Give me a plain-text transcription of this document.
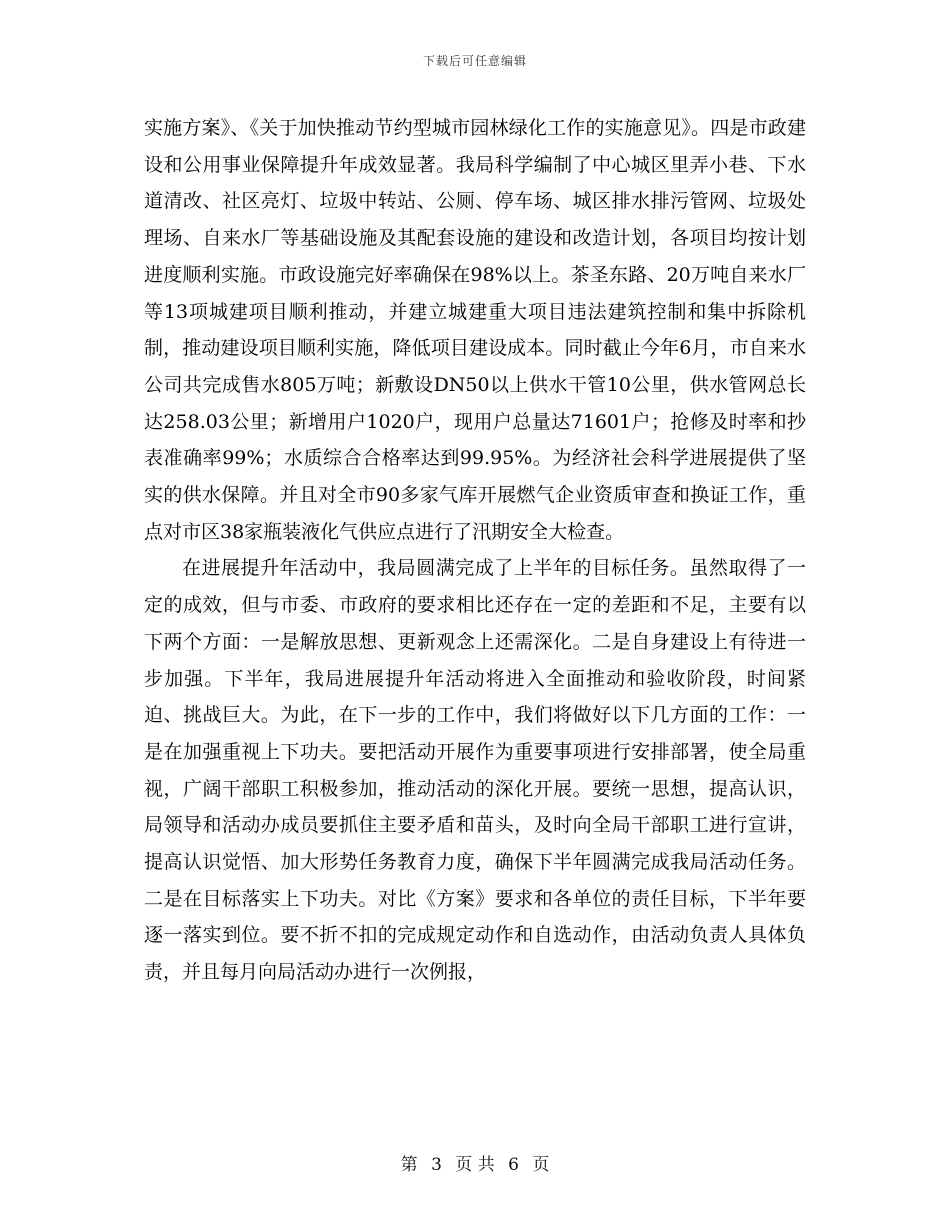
下载后可任意编辑

实施方案》、《关于加快推动节约型城市园林绿化工作的实施意见》。四是市政建设和公用事业保障提升年成效显著。我局科学编制了中心城区里弄小巷、下水道清改、社区亮灯、垃圾中转站、公厕、停车场、城区排水排污管网、垃圾处理场、自来水厂等基础设施及其配套设施的建设和改造计划，各项目均按计划进度顺利实施。市政设施完好率确保在98%以上。茶圣东路、20万吨自来水厂等13项城建项目顺利推动，并建立城建重大项目违法建筑控制和集中拆除机制，推动建设项目顺利实施，降低项目建设成本。同时截止今年6月，市自来水公司共完成售水805万吨；新敷设DN50以上供水干管10公里，供水管网总长达258.03公里；新增用户1020户，现用户总量达71601户；抢修及时率和抄表准确率99%；水质综合合格率达到99.95%。为经济社会科学进展提供了坚实的供水保障。并且对全市90多家气库开展燃气企业资质审查和换证工作，重点对市区38家瓶装液化气供应点进行了汛期安全大检查。

在进展提升年活动中，我局圆满完成了上半年的目标任务。虽然取得了一定的成效，但与市委、市政府的要求相比还存在一定的差距和不足，主要有以下两个方面：一是解放思想、更新观念上还需深化。二是自身建设上有待进一步加强。下半年，我局进展提升年活动将进入全面推动和验收阶段，时间紧迫、挑战巨大。为此，在下一步的工作中，我们将做好以下几方面的工作：一是在加强重视上下功夫。要把活动开展作为重要事项进行安排部署，使全局重视，广阔干部职工积极参加，推动活动的深化开展。要统一思想，提高认识，局领导和活动办成员要抓住主要矛盾和苗头，及时向全局干部职工进行宣讲，提高认识觉悟、加大形势任务教育力度，确保下半年圆满完成我局活动任务。二是在目标落实上下功夫。对比《方案》要求和各单位的责任目标，下半年要逐一落实到位。要不折不扣的完成规定动作和自选动作，由活动负责人具体负责，并且每月向局活动办进行一次例报，

第 3 页 共 6 页
